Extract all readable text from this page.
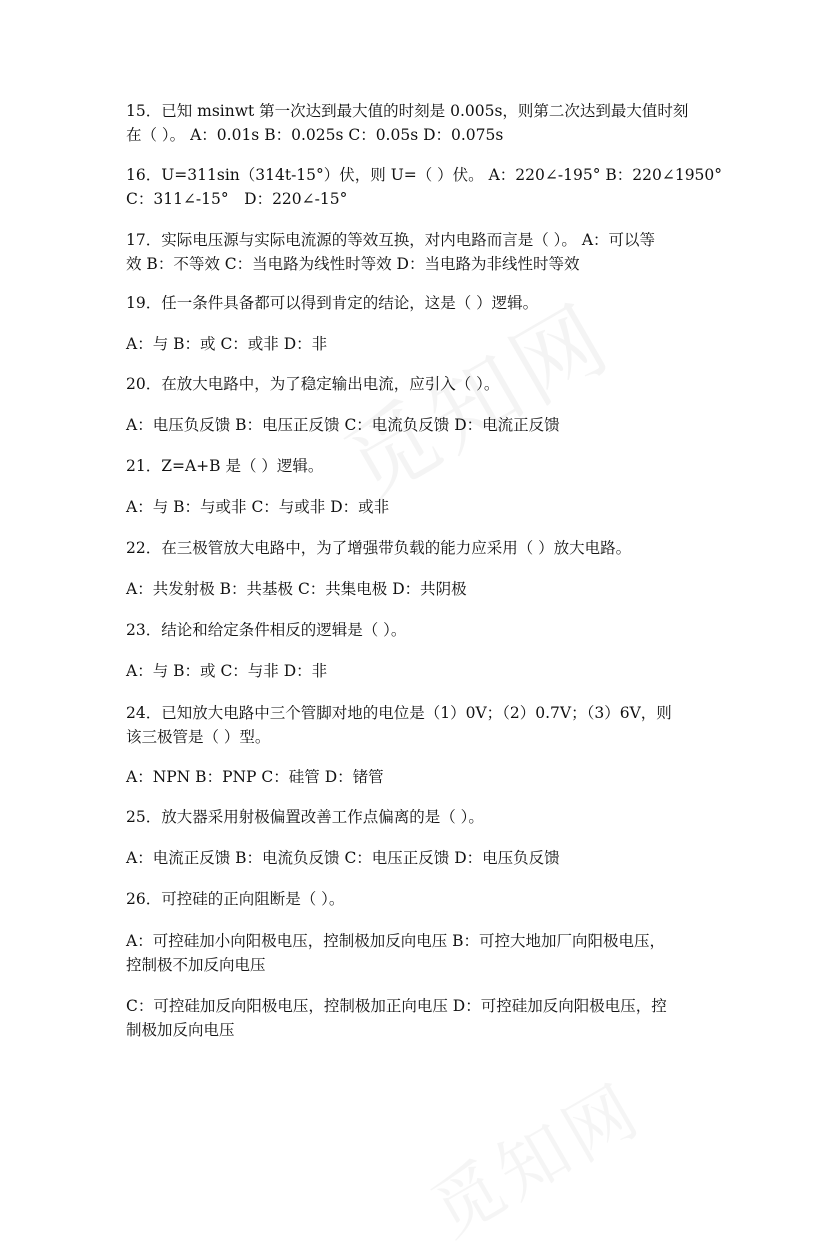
15．已知 msinwt 第一次达到最大值的时刻是 0.005s，则第二次达到最大值时刻
在（ ）。 A：0.01s B：0.025s C：0.05s D：0.075s
16．U=311sin（314t-15°）伏，则 U=（ ）伏。 A：220∠-195° B：220∠1950°
C：311∠-15°　D：220∠-15°
17．实际电压源与实际电流源的等效互换，对内电路而言是（ ）。 A：可以等
效 B：不等效 C：当电路为线性时等效 D：当电路为非线性时等效
19．任一条件具备都可以得到肯定的结论，这是（ ）逻辑。
A：与 B：或 C：或非 D：非
20．在放大电路中，为了稳定输出电流，应引入（ ）。
A：电压负反馈 B：电压正反馈 C：电流负反馈 D：电流正反馈
21．Z=A+B 是（ ）逻辑。
A：与 B：与或非 C：与或非 D：或非
22．在三极管放大电路中，为了增强带负载的能力应采用（ ）放大电路。
A：共发射极 B：共基极 C：共集电极 D：共阴极
23．结论和给定条件相反的逻辑是（ ）。
A：与 B：或 C：与非 D：非
24．已知放大电路中三个管脚对地的电位是（1）0V；（2）0.7V；（3）6V，则
该三极管是（ ）型。
A：NPN B：PNP C：硅管 D：锗管
25．放大器采用射极偏置改善工作点偏离的是（ ）。
A：电流正反馈 B：电流负反馈 C：电压正反馈 D：电压负反馈
26．可控硅的正向阻断是（ ）。
A：可控硅加小向阳极电压，控制极加反向电压 B：可控大地加厂向阳极电压，
控制极不加反向电压
C：可控硅加反向阳极电压，控制极加正向电压 D：可控硅加反向阳极电压，控
制极加反向电压
